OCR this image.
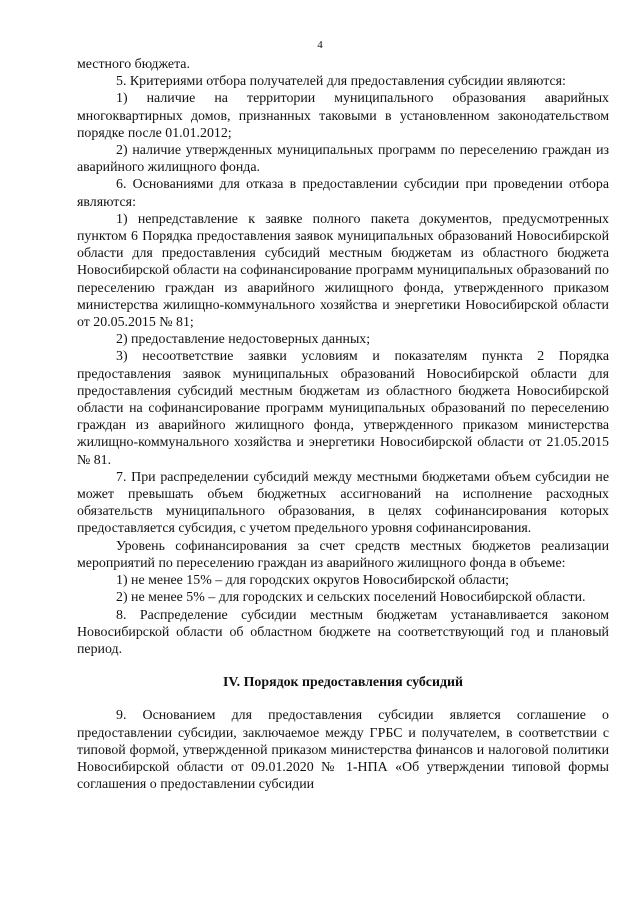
4

местного бюджета.

5. Критериями отбора получателей для предоставления субсидии являются:

1) наличие на территории муниципального образования аварийных многоквартирных домов, признанных таковыми в установленном законодательством порядке после 01.01.2012;

2) наличие утвержденных муниципальных программ по переселению граждан из аварийного жилищного фонда.

6. Основаниями для отказа в предоставлении субсидии при проведении отбора являются:

1) непредставление к заявке полного пакета документов, предусмотренных пунктом 6 Порядка предоставления заявок муниципальных образований Новосибирской области для предоставления субсидий местным бюджетам из областного бюджета Новосибирской области на софинансирование программ муниципальных образований по переселению граждан из аварийного жилищного фонда, утвержденного приказом министерства жилищно-коммунального хозяйства и энергетики Новосибирской области от 20.05.2015 № 81;

2) предоставление недостоверных данных;

3) несоответствие заявки условиям и показателям пункта 2 Порядка предоставления заявок муниципальных образований Новосибирской области для предоставления субсидий местным бюджетам из областного бюджета Новосибирской области на софинансирование программ муниципальных образований по переселению граждан из аварийного жилищного фонда, утвержденного приказом министерства жилищно-коммунального хозяйства и энергетики Новосибирской области от 21.05.2015 № 81.

7. При распределении субсидий между местными бюджетами объем субсидии не может превышать объем бюджетных ассигнований на исполнение расходных обязательств муниципального образования, в целях софинансирования которых предоставляется субсидия, с учетом предельного уровня софинансирования.

Уровень софинансирования за счет средств местных бюджетов реализации мероприятий по переселению граждан из аварийного жилищного фонда в объеме:

1) не менее 15% – для городских округов Новосибирской области;

2) не менее 5% – для городских и сельских поселений Новосибирской области.

8. Распределение субсидии местным бюджетам устанавливается законом Новосибирской области об областном бюджете на соответствующий год и плановый период.

IV. Порядок предоставления субсидий

9. Основанием для предоставления субсидии является соглашение о предоставлении субсидии, заключаемое между ГРБС и получателем, в соответствии с типовой формой, утвержденной приказом министерства финансов и налоговой политики Новосибирской области от 09.01.2020 № 1-НПА «Об утверждении типовой формы соглашения о предоставлении субсидии
